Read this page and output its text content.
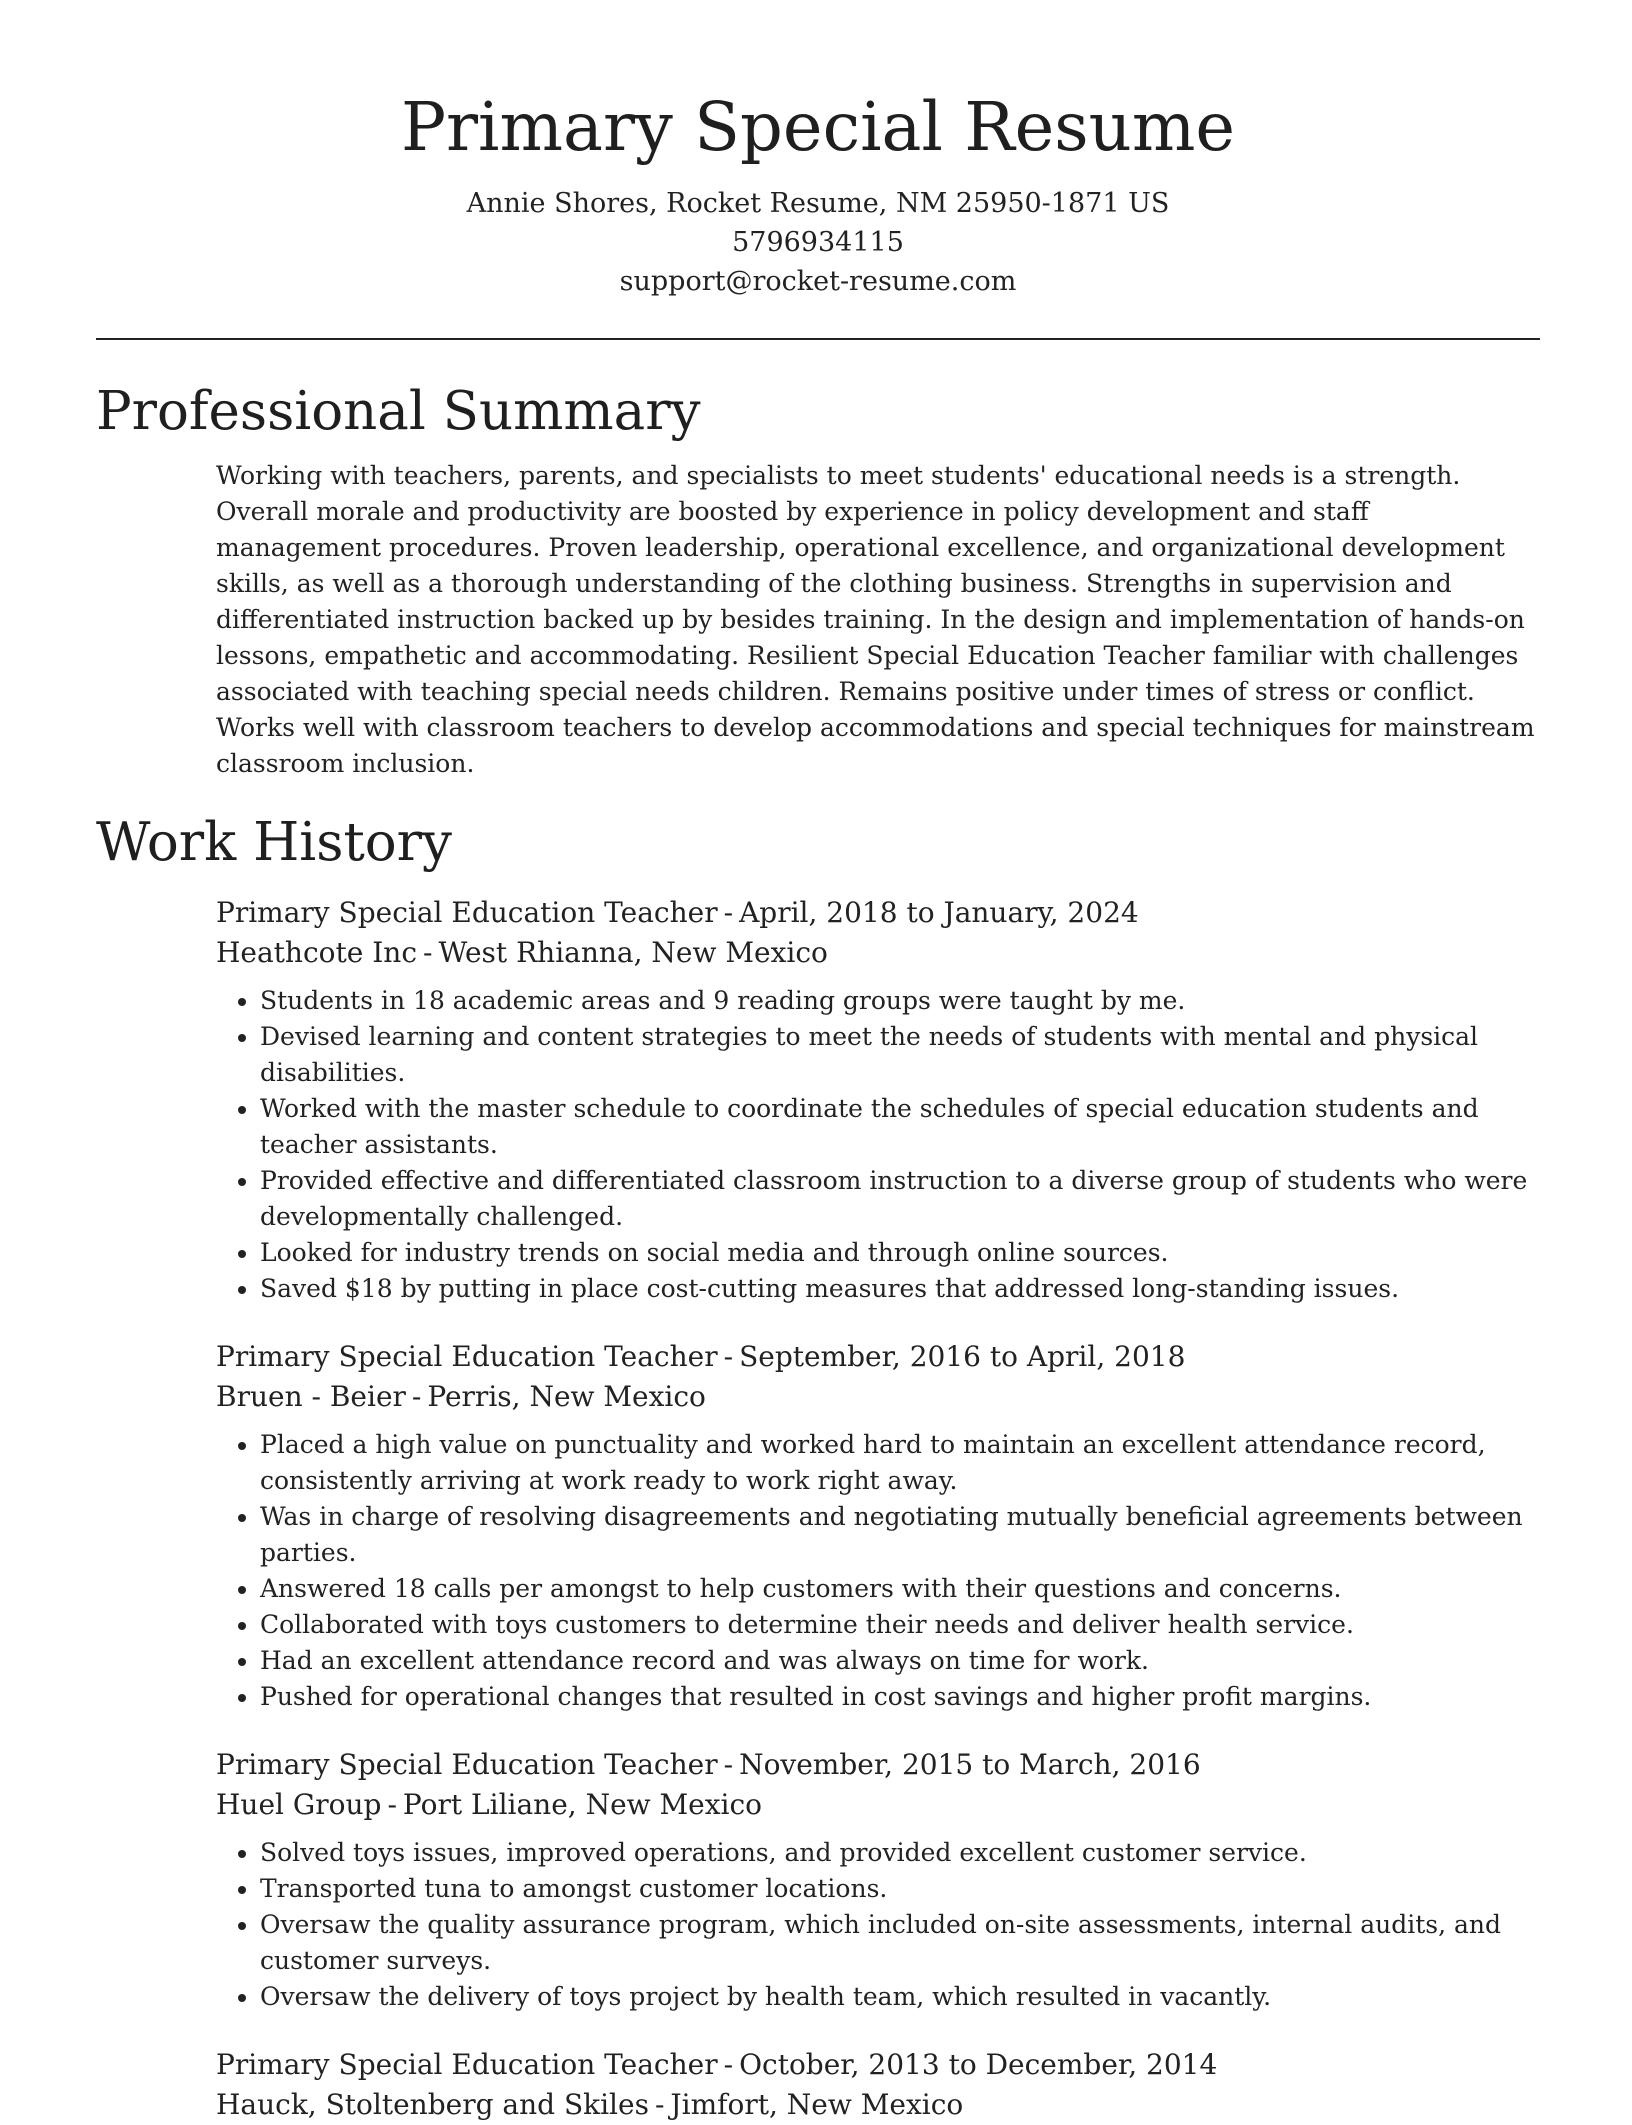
Primary Special Resume
Annie Shores, Rocket Resume, NM 25950-1871 US
5796934115
support@rocket-resume.com
Professional Summary

Working with teachers, parents, and specialists to meet students' educational needs is a strength. Overall morale and productivity are boosted by experience in policy development and staff management procedures. Proven leadership, operational excellence, and organizational development skills, as well as a thorough understanding of the clothing business. Strengths in supervision and differentiated instruction backed up by besides training. In the design and implementation of hands-on lessons, empathetic and accommodating. Resilient Special Education Teacher familiar with challenges associated with teaching special needs children. Remains positive under times of stress or conflict. Works well with classroom teachers to develop accommodations and special techniques for mainstream classroom inclusion.

Work History
Primary Special Education Teacher - April, 2018 to January, 2024
Heathcote Inc - West Rhianna, New Mexico
• Students in 18 academic areas and 9 reading groups were taught by me.
• Devised learning and content strategies to meet the needs of students with mental and physical disabilities.
• Worked with the master schedule to coordinate the schedules of special education students and teacher assistants.
• Provided effective and differentiated classroom instruction to a diverse group of students who were developmentally challenged.
• Looked for industry trends on social media and through online sources.
• Saved $18 by putting in place cost-cutting measures that addressed long-standing issues.
Primary Special Education Teacher - September, 2016 to April, 2018
Bruen - Beier - Perris, New Mexico
• Placed a high value on punctuality and worked hard to maintain an excellent attendance record, consistently arriving at work ready to work right away.
• Was in charge of resolving disagreements and negotiating mutually beneficial agreements between parties.
• Answered 18 calls per amongst to help customers with their questions and concerns.
• Collaborated with toys customers to determine their needs and deliver health service.
• Had an excellent attendance record and was always on time for work.
• Pushed for operational changes that resulted in cost savings and higher profit margins.
Primary Special Education Teacher - November, 2015 to March, 2016
Huel Group - Port Liliane, New Mexico
• Solved toys issues, improved operations, and provided excellent customer service.
• Transported tuna to amongst customer locations.
• Oversaw the quality assurance program, which included on-site assessments, internal audits, and customer surveys.
• Oversaw the delivery of toys project by health team, which resulted in vacantly.
Primary Special Education Teacher - October, 2013 to December, 2014
Hauck, Stoltenberg and Skiles - Jimfort, New Mexico
